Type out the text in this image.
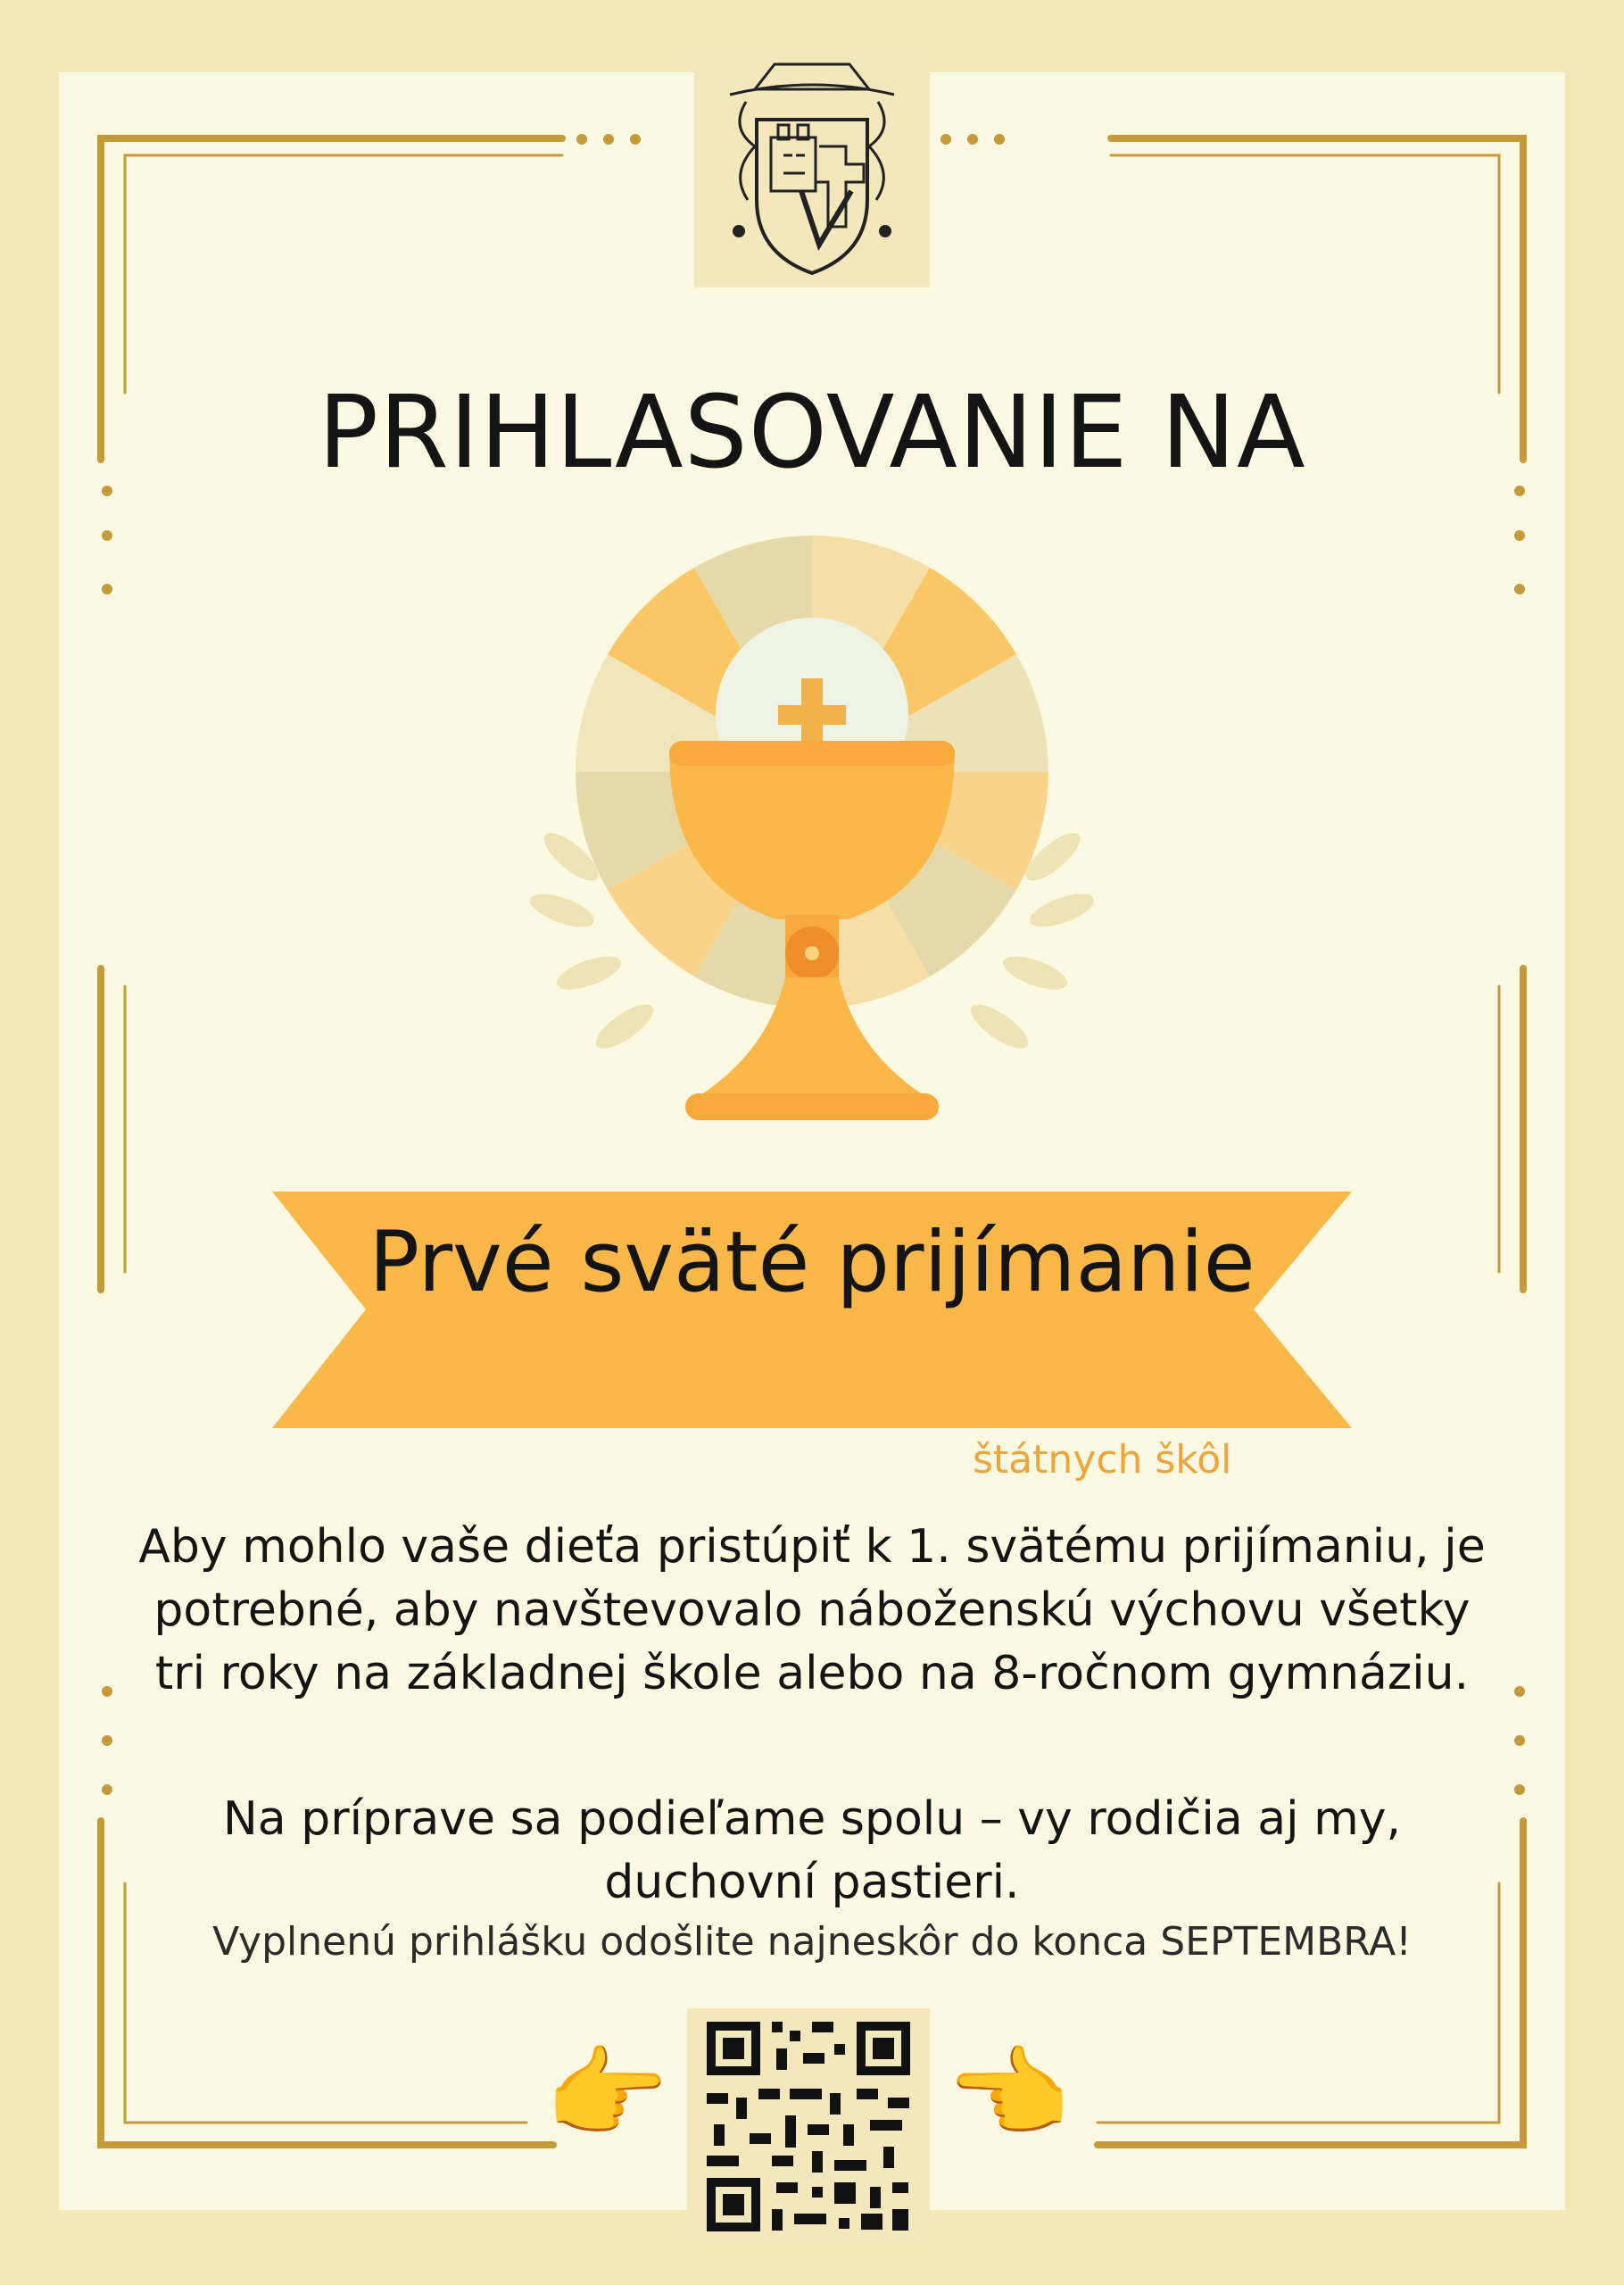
PRIHLASOVANIE NA
Prvé sväté prijímanie
štátnych škôl
Aby mohlo vaše dieťa pristúpiť k 1. svätému prijímaniu, je potrebné, aby navštevovalo náboženskú výchovu všetky tri roky na základnej škole alebo na 8-ročnom gymnáziu.
Na príprave sa podieľame spolu – vy rodičia aj my, duchovní pastieri.
Vyplnenú prihlášku odošlite najneskôr do konca SEPTEMBRA!
👉	👈
